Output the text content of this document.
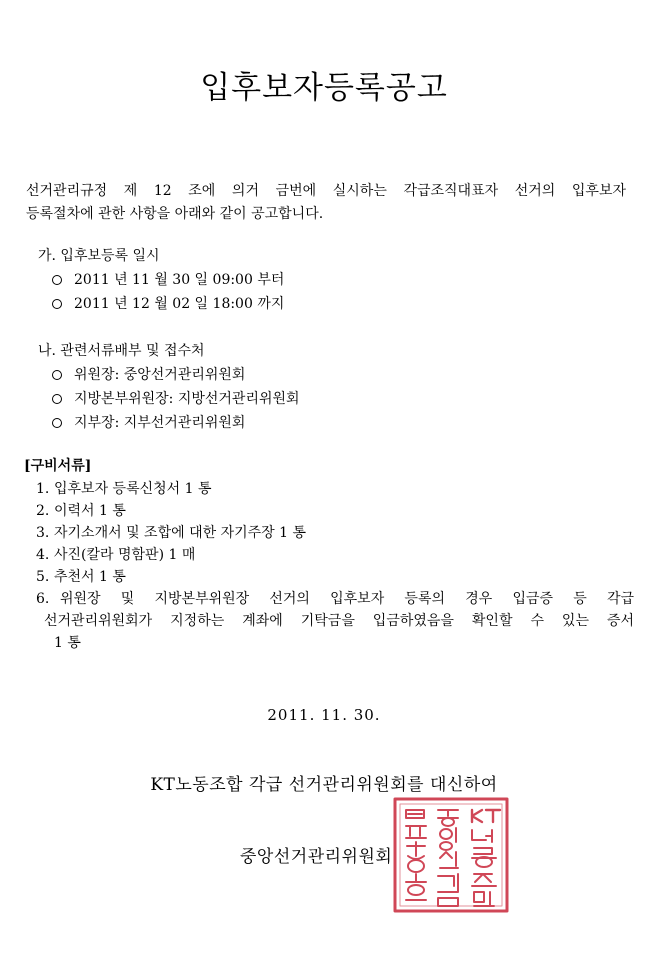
입후보자등록공고
선거관리규정 제 12 조에 의거 금번에 실시하는 각급조직대표자 선거의 입후보자
등록절차에 관한 사항을 아래와 같이 공고합니다.
가. 입후보등록 일시
2011 년 11 월 30 일 09:00 부터
2011 년 12 월 02 일 18:00 까지
나. 관련서류배부 및 접수처
위원장: 중앙선거관리위원회
지방본부위원장: 지방선거관리위원회
지부장: 지부선거관리위원회
[구비서류]
1. 입후보자 등록신청서 1 통
2. 이력서 1 통
3. 자기소개서 및 조합에 대한 자기주장 1 통
4. 사진(칼라 명함판) 1 매
5. 추천서 1 통
6. 위원장 및 지방본부위원장 선거의 입후보자 등록의 경우 입금증 등 각급
선거관리위원회가 지정하는 계좌에 기탁금을 입금하였음을 확인할 수 있는 증서
1 통
2011. 11. 30.
KT노동조합 각급 선거관리위원회를 대신하여
중앙선거관리위원회
